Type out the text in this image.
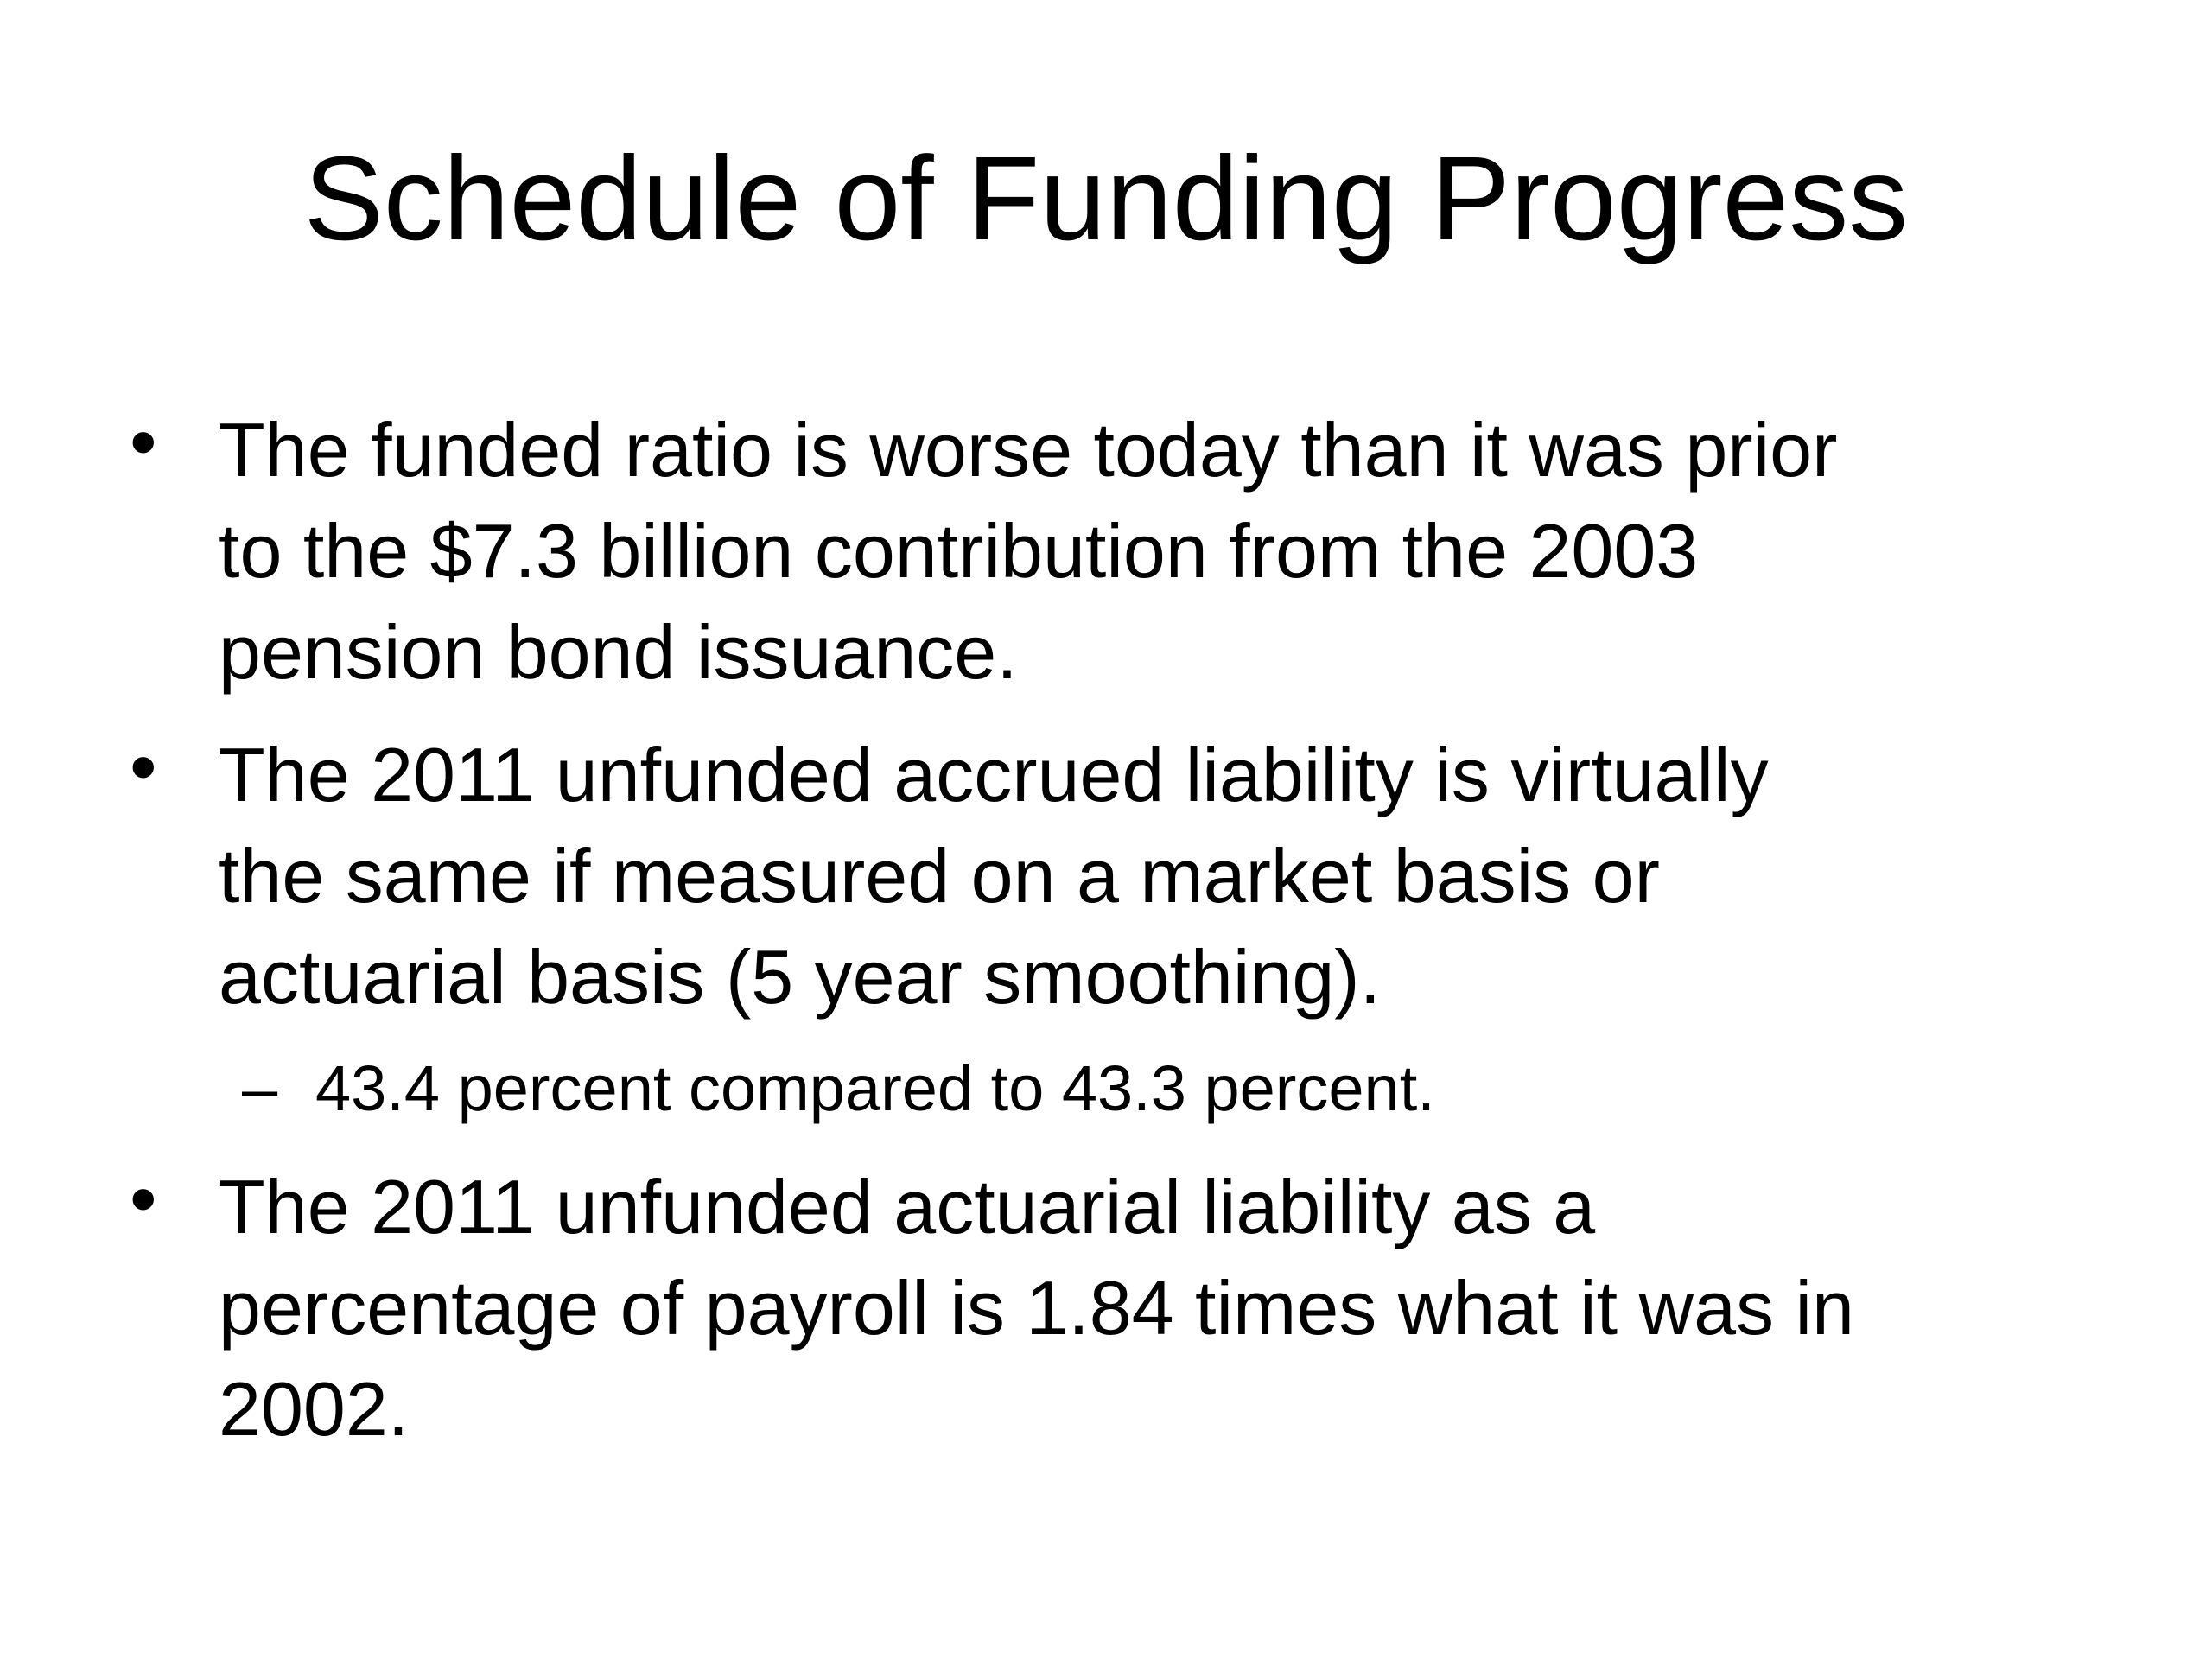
Schedule of Funding Progress
• The funded ratio is worse today than it was prior
to the $7.3 billion contribution from the 2003
pension bond issuance.
• The 2011 unfunded accrued liability is virtually
the same if measured on a market basis or
actuarial basis (5 year smoothing).
– 43.4 percent compared to 43.3 percent.
• The 2011 unfunded actuarial liability as a
percentage of payroll is 1.84 times what it was in
2002.
